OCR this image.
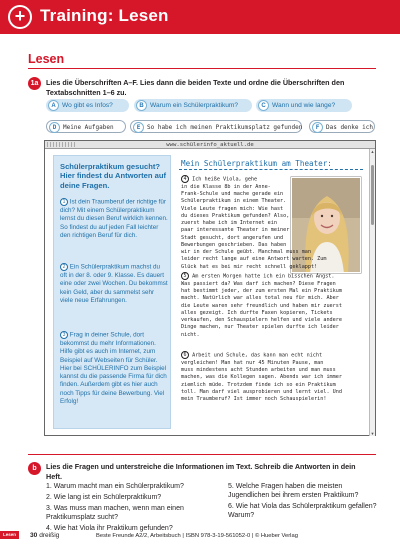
+ Training: Lesen
Lesen
1a	Lies die Überschriften A–F. Lies dann die beiden Texte und ordne die Überschriften den Textabschnitten 1–6 zu.
A Wo gibt es Infos?	B Warum ein Schülerpraktikum?	C Wann und wie lange?
D	Meine Aufgaben	E	So habe ich meinen Praktikumsplatz gefunden	F	Das denke ich
www.schülerinfo_aktuell.de
Schülerpraktikum gesucht? Hier findest du Antworten auf deine Fragen.
1 Ist dein Traumberuf der richtige für dich? Mit einem Schülerpraktikum lernst du diesen Beruf wirklich kennen. So findest du auf jeden Fall leichter den richtigen Beruf für dich.
2 Ein Schülerpraktikum machst du oft in der 8. oder 9. Klasse. Es dauert eine oder zwei Wochen. Du bekommst kein Geld, aber du sammelst sehr viele neue Erfahrungen.
3 Frag in deiner Schule, dort bekommst du mehr Informationen. Hilfe gibt es auch im Internet, zum Beispiel auf Webseiten für Schüler. Hier bei SCHÜLERINFO zum Beispiel kannst du die passende Firma für dich finden. Außerdem gibt es hier auch noch Tipps für deine Bewerbung. Viel Erfolg!
Mein Schülerpraktikum am Theater:
4 Ich heiße Viola, gehe
in die Klasse 8b in der Anne-
Frank-Schule und mache gerade ein
Schülerpraktikum in einem Theater.
Viele Leute fragen mich: Wie hast
du dieses Praktikum gefunden? Also,
zuerst habe ich im Internet ein
paar interessante Theater in meiner
Stadt gesucht, dort angerufen und
Bewerbungen geschrieben. Das haben
wir in der Schule geübt. Manchmal muss man
leider recht lange auf eine Antwort warten. Zum
Glück hat es bei mir recht schnell geklappt!
5 Am ersten Morgen hatte ich ein bisschen Angst.
Was passiert da? Was darf ich machen? Diese Fragen
hat bestimmt jeder, der zum ersten Mal ein Praktikum
macht. Natürlich war alles total neu für mich. Aber
die Leute waren sehr freundlich und haben mir zuerst
alles gezeigt. Ich durfte Faxen kopieren, Tickets
verkaufen, den Schauspielern helfen und viele andere
Dinge machen, nur Theater spielen durfte ich leider
nicht.
6 Arbeit und Schule, das kann man echt nicht
vergleichen! Man hat nur 45 Minuten Pause, man
muss mindestens acht Stunden arbeiten und man muss
machen, was die Kollegen sagen. Abends war ich immer
ziemlich müde. Trotzdem finde ich so ein Praktikum
toll. Man darf viel ausprobieren und lernt viel. Und
mein Traumberuf? Ist immer noch Schauspielerin!
▲
▼
b	Lies die Fragen und unterstreiche die Informationen im Text. Schreib die Antworten in dein Heft.
1. Warum macht man ein Schülerpraktikum?
2. Wie lang ist ein Schülerpraktikum?
3. Was muss man machen, wenn man einen Praktikumsplatz sucht?
4. Wie hat Viola ihr Praktikum gefunden?
5. Welche Fragen haben die meisten Jugendlichen bei ihrem ersten Praktikum?
6. Wie hat Viola das Schülerpraktikum gefallen? Warum?
Lesen	30 dreißig	Beste Freunde A2/2, Arbeitsbuch | ISBN 978-3-19-561052-0 | © Hueber Verlag
